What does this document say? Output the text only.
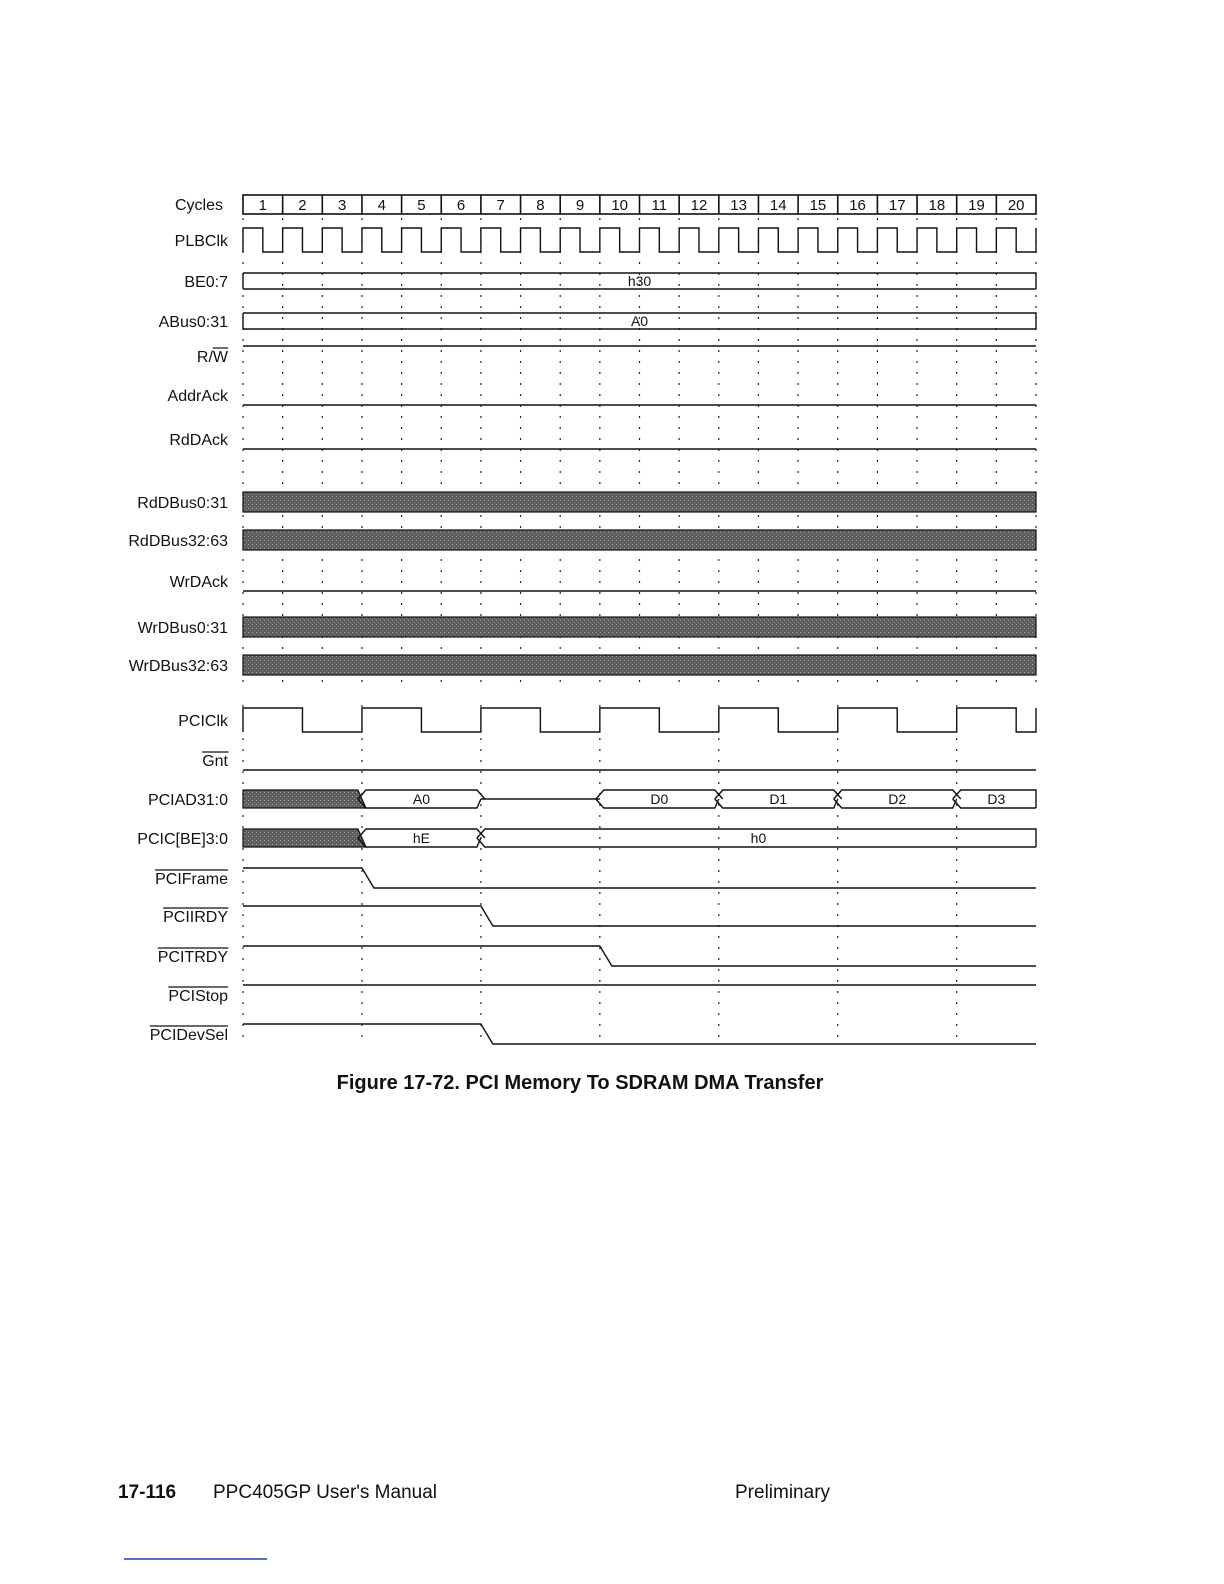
Cycles 1 2 3 4 5 6 7 8 9 10 11 12 13 14 15 16 17 18 19 20
PLBClk
BE0:7	h30
ABus0:31	A0
R/W
AddrAck
RdDAck
RdDBus0:31
RdDBus32:63
WrDAck
WrDBus0:31
WrDBus32:63
PCIClk
Gnt
PCIAD31:0	A0	D0	D1	D2	D3
PCIC[BE]3:0	hE	h0
PCIFrame
PCIIRDY
PCITRDY
PCIStop
PCIDevSel
Figure 17-72. PCI Memory To SDRAM DMA Transfer
17-116 PPC405GP User's Manual	Preliminary
